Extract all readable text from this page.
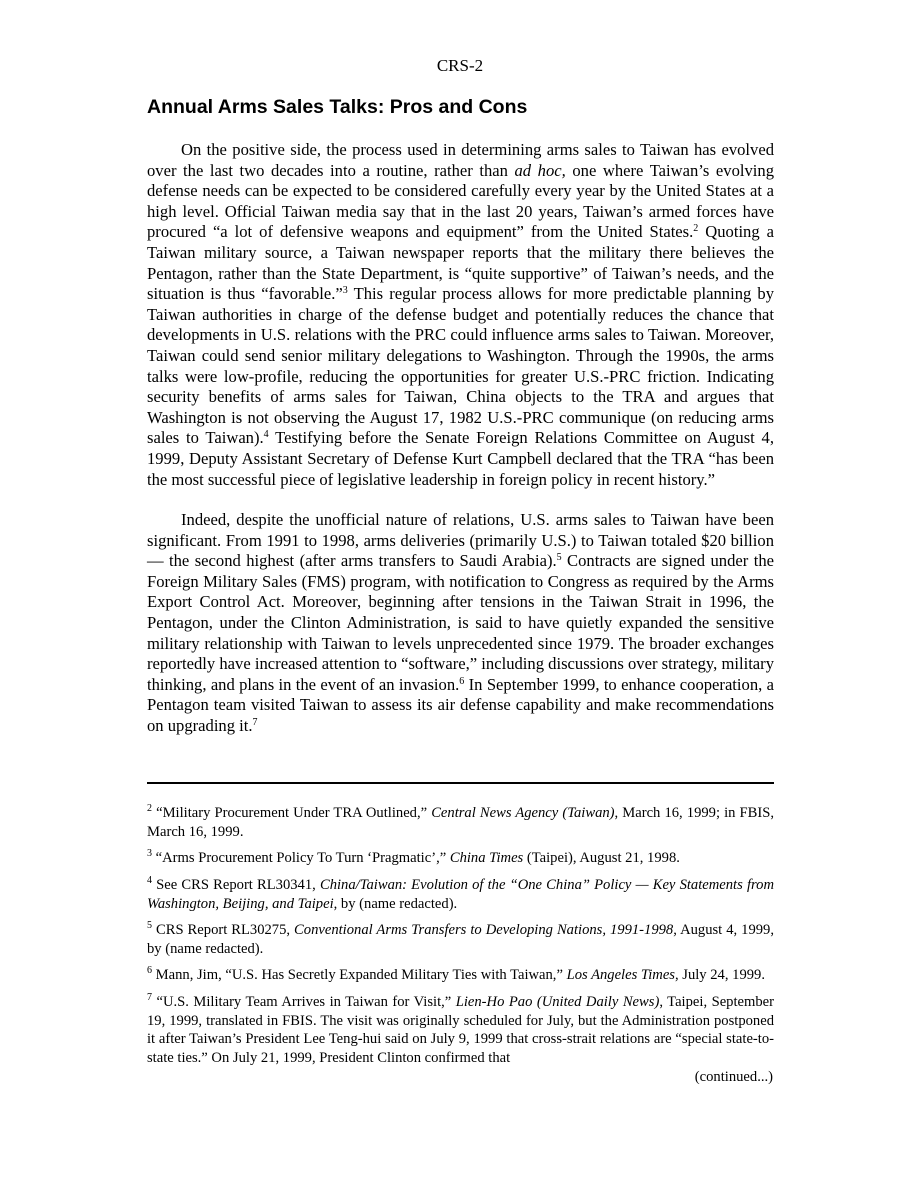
CRS-2
Annual Arms Sales Talks: Pros and Cons

On the positive side, the process used in determining arms sales to Taiwan has evolved over the last two decades into a routine, rather than ad hoc, one where Taiwan’s evolving defense needs can be expected to be considered carefully every year by the United States at a high level. Official Taiwan media say that in the last 20 years, Taiwan’s armed forces have procured “a lot of defensive weapons and equipment” from the United States.$^2$ Quoting a Taiwan military source, a Taiwan newspaper reports that the military there believes the Pentagon, rather than the State Department, is “quite supportive” of Taiwan’s needs, and the situation is thus “favorable.”$^3$ This regular process allows for more predictable planning by Taiwan authorities in charge of the defense budget and potentially reduces the chance that developments in U.S. relations with the PRC could influence arms sales to Taiwan. Moreover, Taiwan could send senior military delegations to Washington. Through the 1990s, the arms talks were low-profile, reducing the opportunities for greater U.S.-PRC friction. Indicating security benefits of arms sales for Taiwan, China objects to the TRA and argues that Washington is not observing the August 17, 1982 U.S.-PRC communique (on reducing arms sales to Taiwan).$^4$ Testifying before the Senate Foreign Relations Committee on August 4, 1999, Deputy Assistant Secretary of Defense Kurt Campbell declared that the TRA “has been the most successful piece of legislative leadership in foreign policy in recent history.”

Indeed, despite the unofficial nature of relations, U.S. arms sales to Taiwan have been significant. From 1991 to 1998, arms deliveries (primarily U.S.) to Taiwan totaled $20 billion — the second highest (after arms transfers to Saudi Arabia).$^5$ Contracts are signed under the Foreign Military Sales (FMS) program, with notification to Congress as required by the Arms Export Control Act. Moreover, beginning after tensions in the Taiwan Strait in 1996, the Pentagon, under the Clinton Administration, is said to have quietly expanded the sensitive military relationship with Taiwan to levels unprecedented since 1979. The broader exchanges reportedly have increased attention to “software,” including discussions over strategy, military thinking, and plans in the event of an invasion.$^6$ In September 1999, to enhance cooperation, a Pentagon team visited Taiwan to assess its air defense capability and make recommendations on upgrading it.$^7$

$^2$ “Military Procurement Under TRA Outlined,” Central News Agency (Taiwan), March 16, 1999; in FBIS, March 16, 1999.

$^3$ “Arms Procurement Policy To Turn ‘Pragmatic’,” China Times (Taipei), August 21, 1998.

$^4$ See CRS Report RL30341, China/Taiwan: Evolution of the “One China” Policy — Key Statements from Washington, Beijing, and Taipei, by (name redacted).

$^5$ CRS Report RL30275, Conventional Arms Transfers to Developing Nations, 1991-1998, August 4, 1999, by (name redacted).

$^6$ Mann, Jim, “U.S. Has Secretly Expanded Military Ties with Taiwan,” Los Angeles Times, July 24, 1999.

$^7$ “U.S. Military Team Arrives in Taiwan for Visit,” Lien-Ho Pao (United Daily News), Taipei, September 19, 1999, translated in FBIS. The visit was originally scheduled for July, but the Administration postponed it after Taiwan’s President Lee Teng-hui said on July 9, 1999 that cross-strait relations are “special state-to-state ties.” On July 21, 1999, President Clinton confirmed that

(continued...)
